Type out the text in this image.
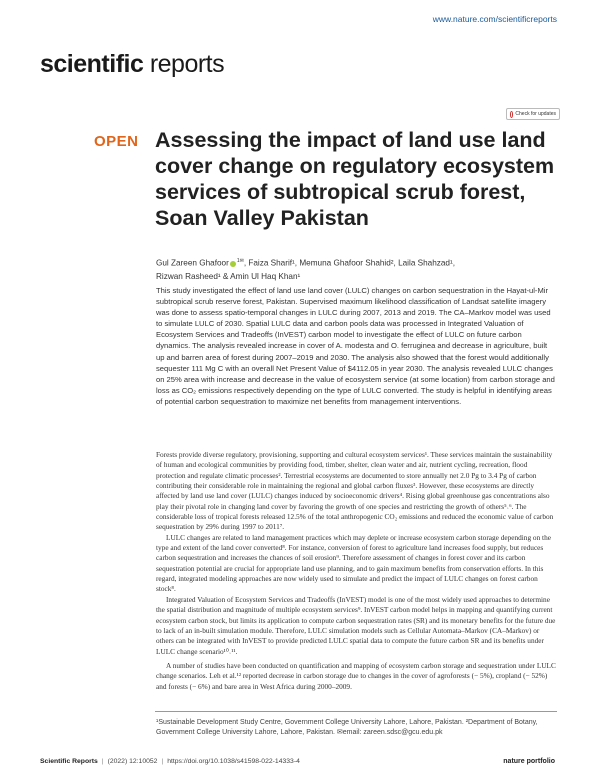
www.nature.com/scientificreports
scientific reports
Check for updates
OPEN Assessing the impact of land use land cover change on regulatory ecosystem services of subtropical scrub forest, Soan Valley Pakistan
Gul Zareen Ghafoor $^{1✉}$, Faiza Sharif¹, Memuna Ghafoor Shahid², Laila Shahzad¹,
Rizwan Rasheed¹ & Amin Ul Haq Khan¹
This study investigated the effect of land use land cover (LULC) changes on carbon sequestration in the Hayat-ul-Mir subtropical scrub reserve forest, Pakistan. Supervised maximum likelihood classification of Landsat satellite imagery was done to assess spatio-temporal changes in LULC during 2007, 2013 and 2019. The CA–Markov model was used to simulate LULC of 2030. Spatial LULC data and carbon pools data was processed in Integrated Valuation of Ecosystem Services and Tradeoffs (InVEST) carbon model to investigate the effect of LULC on future carbon dynamics. The analysis revealed increase in cover of A. modesta and O. ferruginea and decrease in agriculture, built up and barren area of forest during 2007–2019 and 2030. The analysis also showed that the forest would additionally sequester 111 Mg C with an overall Net Present Value of $4112.05 in year 2030. The analysis revealed LULC changes on 25% area with increase and decrease in the value of ecosystem service (at some location) from carbon storage and loss as CO₂ emissions respectively depending on the type of LULC converted. The study is helpful in identifying areas of potential carbon sequestration to maximize net benefits from management interventions.

Forests provide diverse regulatory, provisioning, supporting and cultural ecosystem services¹. These services maintain the sustainability of human and ecological communities by providing food, timber, shelter, clean water and air, nutrient cycling, recreation, flood protection and regulate climatic processes². Terrestrial ecosystems are documented to store annually net 2.0 Pg to 3.4 Pg of carbon contributing their considerable role in maintaining the regional and global carbon fluxes³. However, these ecosystems are directly affected by land use land cover (LULC) changes induced by socioeconomic drivers⁴. Rising global greenhouse gas concentrations also play their pivotal role in changing land cover by favoring the growth of one species and restricting the growth of others⁵˒⁶. The considerable loss of tropical forests released 12.5% of the total anthropogenic CO₂ emissions and reduced the economic value of carbon sequestration by 29% during 1997 to 2011⁷.

LULC changes are related to land management practices which may deplete or increase ecosystem carbon storage depending on the type and extent of the land cover converted⁸. For instance, conversion of forest to agriculture land increases food supply, but reduces carbon sequestration and increases the chances of soil erosion⁹. Therefore assessment of changes in forest cover and its carbon sequestration potential are crucial for appropriate land use planning, and to gain maximum benefits from conservation efforts. In this regard, integrated modeling approaches are now widely used to simulate and predict the impact of LULC changes on forest carbon stock⁸.

Integrated Valuation of Ecosystem Services and Tradeoffs (InVEST) model is one of the most widely used approaches to determine the spatial distribution and magnitude of multiple ecosystem services⁹. InVEST carbon model helps in mapping and quantifying current ecosystem carbon stock, but limits its application to compute carbon sequestration rates (SR) and its monetary benefits for the future due to lack of an in-built simulation module. Therefore, LULC simulation models such as Cellular Automata–Markov (CA–Markov) or others can be integrated with InVEST to provide predicted LULC spatial data to compute the future carbon SR and its benefits under LULC change scenario¹⁰˒¹¹.

A number of studies have been conducted on quantification and mapping of ecosystem carbon storage and sequestration under LULC change scenarios. Leh et al.¹² reported decrease in carbon storage due to changes in the cover of agroforests (− 5%), cropland (− 52%) and forests (− 6%) and bare area in West Africa during 2000–2009.

¹Sustainable Development Study Centre, Government College University Lahore, Lahore, Pakistan. ²Department of Botany, Government College University Lahore, Lahore, Pakistan. ✉email: zareen.sdsc@gcu.edu.pk
Scientific Reports | (2022) 12:10052 | https://doi.org/10.1038/s41598-022-14333-4	nature portfolio
